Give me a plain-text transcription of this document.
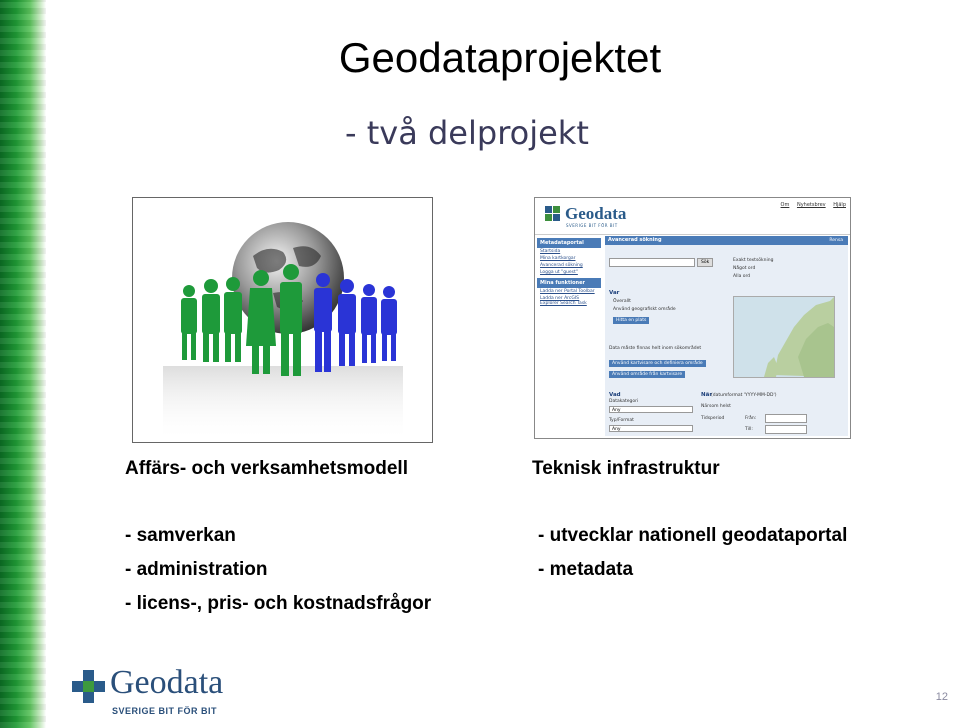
Geodataprojektet
- två delprojekt
Geodata
SVERIGE BIT FÖR BIT
Om Nyhetsbrev Hjälp
Metadataportal
Startsida
Mina kartkorgar
Avancerad sökning
Logga ut "guest"
Mina funktioner
Ladda ner Portal Toolbar
Ladda ner ArcGIS Explorer Search Task
Avancerad sökning	Rensa
Sök	Exakt textsökning
Något ord
Alla ord
Var
Överallt
Använd geografiskt område
Hitta en plats
Data måste finnas helt inom sökområdet
Använd kartvisare och definiera område
Använd område från kartvisare
Vad
Datakategori
Any
Typ/Format
Any
När
(datumformat 'YYYY-MM-DD')
Närsom helst
Tidsperiod	Från:
Till:
Affärs- och verksamhetsmodell	Teknisk infrastruktur
- samverkan
- administration
- licens-, pris- och kostnadsfrågor
- utvecklar nationell geodataportal
- metadata
Geodata
SVERIGE BIT FÖR BIT
12
